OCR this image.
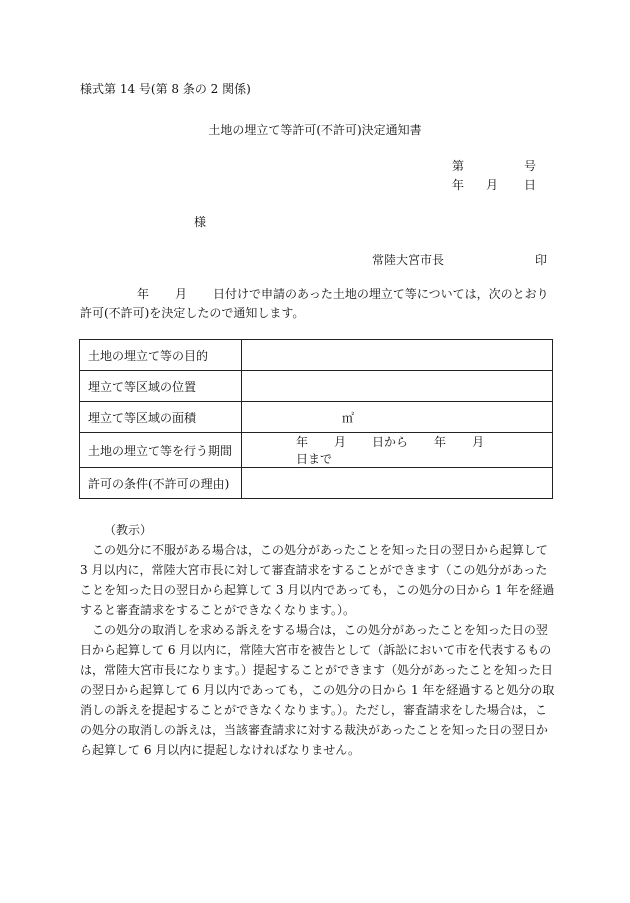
様式第 14 号(第 8 条の 2 関係)
土地の埋立て等許可(不許可)決定通知書
第	号
年 月 日
様
常陸大宮市長	印
年 月 日付けで申請のあった土地の埋立て等については，次のとおり許可(不許可)を決定したので通知します。
土地の埋立て等の目的	
埋立て等区域の位置	
埋立て等区域の面積	㎡
土地の埋立て等を行う期間	年 月 日から 年 月日まで
許可の条件(不許可の理由)	

（教示）

この処分に不服がある場合は，この処分があったことを知った日の翌日から起算して 3 月以内に，常陸大宮市長に対して審査請求をすることができます（この処分があったことを知った日の翌日から起算して 3 月以内であっても，この処分の日から 1 年を経過すると審査請求をすることができなくなります。）。

この処分の取消しを求める訴えをする場合は，この処分があったことを知った日の翌日から起算して 6 月以内に，常陸大宮市を被告として（訴訟において市を代表するものは，常陸大宮市長になります。）提起することができます（処分があったことを知った日の翌日から起算して 6 月以内であっても，この処分の日から 1 年を経過すると処分の取消しの訴えを提起することができなくなります。）。ただし，審査請求をした場合は，この処分の取消しの訴えは，当該審査請求に対する裁決があったことを知った日の翌日から起算して 6 月以内に提起しなければなりません。
